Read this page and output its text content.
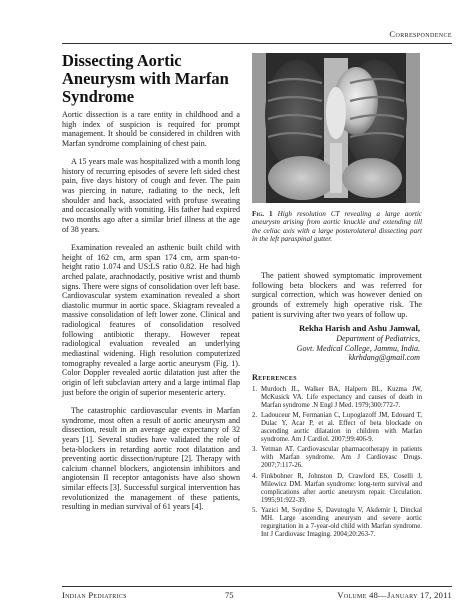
Correspondence
Dissecting Aortic Aneurysm with Marfan Syndrome

Aortic dissection is a rare entity in childhood and a high index of suspicion is required for prompt management. It should be considered in children with Marfan syndrome complaining of chest pain.

A 15 years male was hospitalized with a month long history of recurring episodes of severe left sided chest pain, five days history of cough and fever. The pain was piercing in nature, radiating to the neck, left shoulder and back, associated with profuse sweating and occasionally with vomiting. His father had expired two months ago after a similar brief illness at the age of 38 years.

Examination revealed an asthenic built child with height of 162 cm, arm span 174 cm, arm span-to-height ratio 1.074 and US:LS ratio 0.82. He had high arched palate, arachnodactly, positive wrist and thumb signs. There were signs of consolidation over left base. Cardiovascular system examination revealed a short diastolic murmur in aortic space. Skiagram revealed a massive consolidation of left lower zone. Clinical and radiological features of consolidation resolved following antibiotic therapy. However repeat radiological evaluation revealed an underlying mediastinal widening. High resolution computerized tomography revealed a large aortic aneurysm (Fig. 1). Color Doppler revealed aortic dilatation just after the origin of left subclavian artery and a large intimal flap just before the origin of superior mesenteric artery.

The catastrophic cardiovascular events in Marfan syndrome, most often a result of aortic aneurysm and dissection, result in an average age expectancy of 32 years [1]. Several studies have validated the role of beta-blockers in retarding aortic root dilatation and preventing aortic dissection/rupture [2]. Therapy with calcium channel blockers, angiotensin inhibitors and angiotensin II receptor antagonists have also shown similar effects [3]. Successful surgical intervention has revolutionized the management of these patients, resulting in median survival of 61 years [4].

Fig. 1 High resolution CT revealing a large aortic aneurysm arising from aortic knuckle and extending till the celiac axis with a large posterolateral dissecting part in the left paraspinal gutter.

The patient showed symptomatic improvement following beta blockers and was referred for surgical correction, which was however denied on grounds of extremely high operative risk. The patient is surviving after two years of follow up.

Rekha Harish and Ashu Jamwal,
Department of Pediatrics,
Govt. Medical College, Jammu, India.
kkrhdang@gmail.com
References
1. Murdoch JL, Walker BA, Halpern BL, Kuzma JW, McKusick VA. Life expectancy and causes of death in Marfan syndrome .N Engl J Med. 1979;300:772-7.
2. Ladouceur M, Fermanian C, Lupoglazoff JM, Edouard T, Dulac Y, Acar P, et al. Effect of beta blockade on ascending aortic dilatation in children with Marfan syndrome. Am J Cardiol. 2007;99:406-9.
3. Yetman AT. Cardiovascular pharmacotherapy in patients with Marfan syndrome. Am J Cardiovasc Drugs. 2007;7:117-26.
4. Finkbohner R, Johnston D, Crawford ES, Coselli J, Milewicz DM. Marfan syndrome: long-term survival and complications after aortic aneurysm repair. Circulation. 1995;91:922-39.
5. Yazici M, Soydine S, Davutoglu V, Akdemir I, Dinckal MH. Large ascending aneurysm and severe aortic regurgitation in a 7-year-old child with Marfan syndrome. Int J Cardiovasc Imaging. 2004;20:263-7.
Indian Pediatrics	75	Volume 48—January 17, 2011
